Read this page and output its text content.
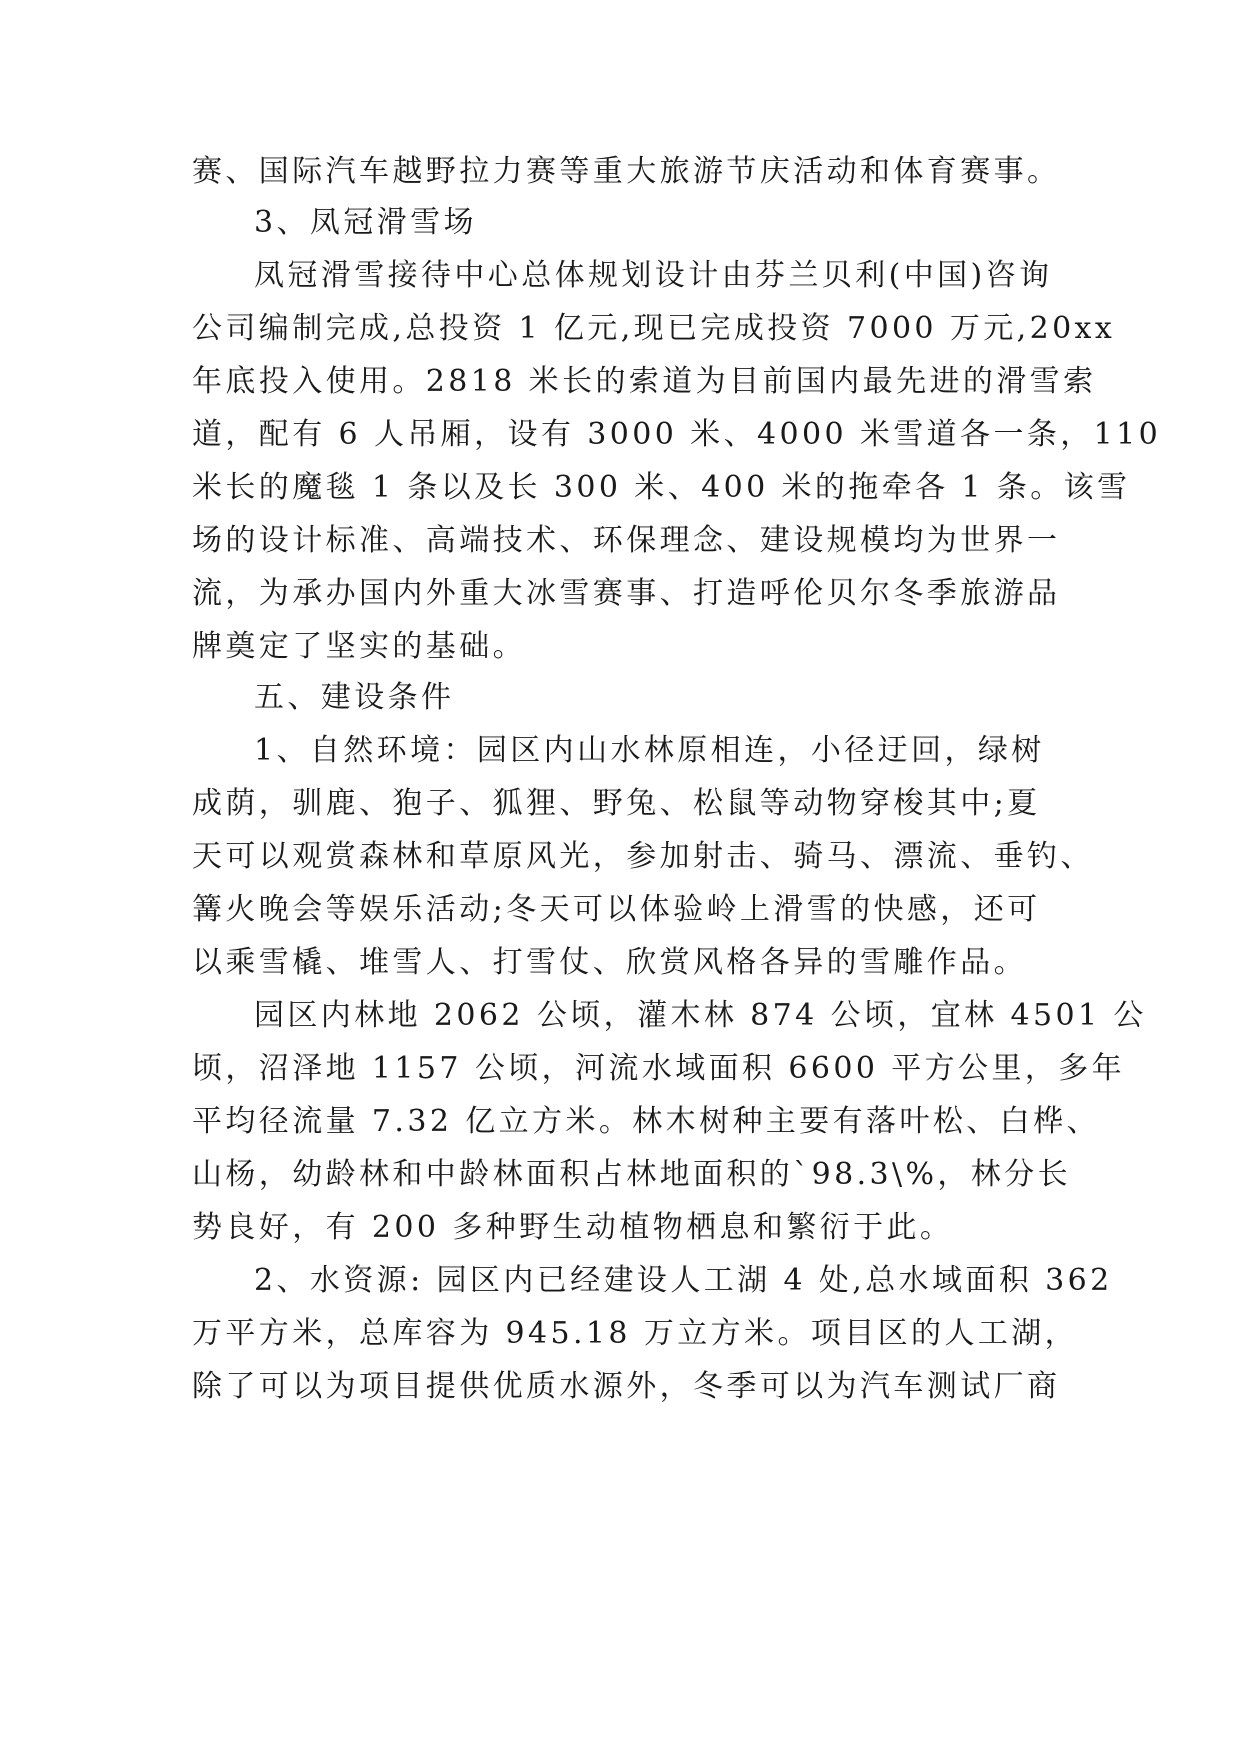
赛、国际汽车越野拉力赛等重大旅游节庆活动和体育赛事。
3、凤冠滑雪场
凤冠滑雪接待中心总体规划设计由芬兰贝利(中国)咨询
公司编制完成,总投资 1 亿元,现已完成投资 7000 万元,20xx
年底投入使用。2818 米长的索道为目前国内最先进的滑雪索
道，配有 6 人吊厢，设有 3000 米、4000 米雪道各一条，110
米长的魔毯 1 条以及长 300 米、400 米的拖牵各 1 条。该雪
场的设计标准、高端技术、环保理念、建设规模均为世界一
流，为承办国内外重大冰雪赛事、打造呼伦贝尔冬季旅游品
牌奠定了坚实的基础。
五、建设条件
1、自然环境：园区内山水林原相连，小径迂回，绿树
成荫，驯鹿、狍子、狐狸、野兔、松鼠等动物穿梭其中;夏
天可以观赏森林和草原风光，参加射击、骑马、漂流、垂钓、
篝火晚会等娱乐活动;冬天可以体验岭上滑雪的快感，还可
以乘雪橇、堆雪人、打雪仗、欣赏风格各异的雪雕作品。
园区内林地 2062 公顷，灌木林 874 公顷，宜林 4501 公
顷，沼泽地 1157 公顷，河流水域面积 6600 平方公里，多年
平均径流量 7.32 亿立方米。林木树种主要有落叶松、白桦、
山杨，幼龄林和中龄林面积占林地面积的`98.3\%，林分长
势良好，有 200 多种野生动植物栖息和繁衍于此。
2、水资源: 园区内已经建设人工湖 4 处,总水域面积 362
万平方米，总库容为 945.18 万立方米。项目区的人工湖，
除了可以为项目提供优质水源外，冬季可以为汽车测试厂商
